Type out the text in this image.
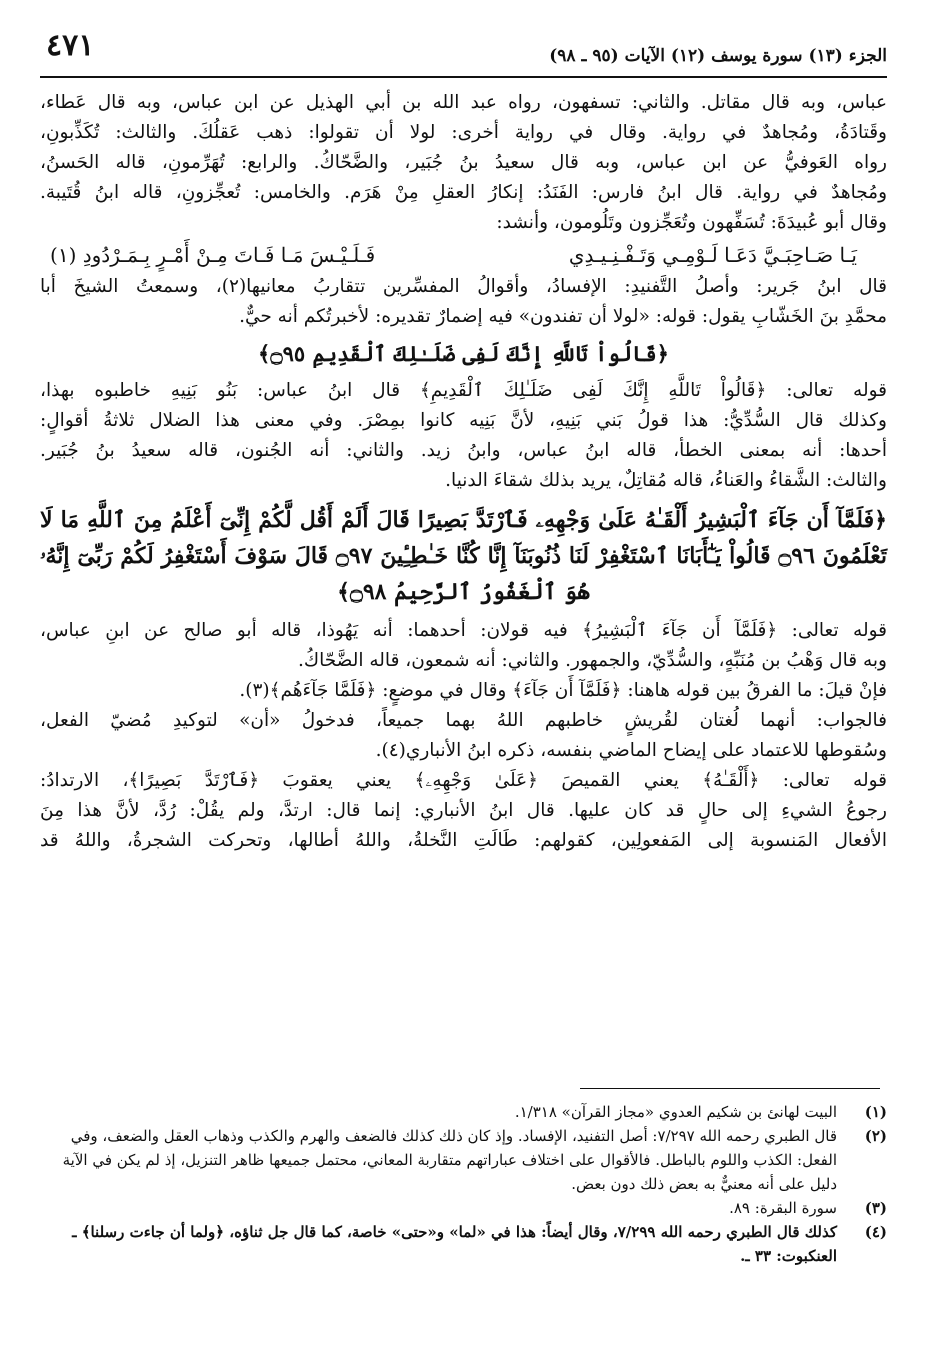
الجزء (١٣) سورة يوسف (١٢) الآيات (٩٥ ـ ٩٨)
٤٧١
عباس، وبه قال مقاتل. والثاني: تسفهون، رواه عبد الله بن أبي الهذيل عن ابن عباس، وبه قال عَطاء،
وقَتادَةُ، ومُجاهدٌ في رواية. وقال في رواية أخرى: لولا أن تقولوا: ذهب عَقلُكَ. والثالث: تُكَذِّبونِ،
رواه العَوفيُّ عن ابن عباس، وبه قال سعيدُ بنُ جُبَير، والضَّحّاكُ. والرابع: تُهَرِّمونِ، قاله الحَسنُ،
ومُجاهدٌ في رواية. قال ابنُ فارس: الفَنَدُ: إنكارُ العقلِ مِنْ هَرَم. والخامس: تُعجِّزونِ، قاله ابنُ قُتَيبة.
وقال أبو عُبيدَةَ: تُسَفِّهون وتُعَجِّزون وتَلُومون، وأنشد:
يَـا صَـاحِبَـيَّ دَعَـا لَـوْمِـي وَتَـفْـنِـيـدِي
فَـلَـيْـسَ مَـا فَـاتَ مِـنْ أَمْـرٍ بِـمَـرْدُودِ (١)
قال ابنُ جَرير: وأصلُ التَّفنيدِ: الإفسادُ، وأقوالُ المفسِّرين تتقاربُ معانيها(٢)، وسمعتُ الشيخَ أبا
محمَّدِ بنَ الخَشّابِ يقول: قوله: «لولا أن تفندون» فيه إضمارٌ تقديره: لأخبرتُكم أنه حيٌّ.
﴿قَالُواْ تَاللَّهِ إِنَّكَ لَفِى ضَلَـٰلِكَ ٱلْقَدِيمِ ۝٩٥﴾
قوله تعالى: ﴿قَالُواْ تَاللَّهِ إِنَّكَ لَفِى ضَلَـٰلِكَ ٱلْقَدِيمِ﴾ قال ابنُ عباس: بَنُو بَنِيهِ خاطبوه بهذا،
وكذلك قال السُّدِّيُّ: هذا قولُ بَني بَنِيهِ، لأنَّ بَنِيه كانوا بمِصْرَ. وفي معنى هذا الضلال ثلاثةُ أقوالٍ:
أحدها: أنه بمعنى الخطأ، قاله ابنُ عباس، وابنُ زيد. والثاني: أنه الجُنون، قاله سعيدُ بنُ جُبَير.
والثالث: الشَّقاءُ والعَناءُ، قاله مُقاتِلٌ، يريد بذلك شقاءَ الدنيا.
﴿فَلَمَّآ أَن جَآءَ ٱلْبَشِيرُ أَلْقَـٰهُ عَلَىٰ وَجْهِهِۦ فَٱرْتَدَّ بَصِيرًا قَالَ أَلَمْ أَقُل لَّكُمْ إِنِّىٓ أَعْلَمُ مِنَ ٱللَّهِ مَا لَا
تَعْلَمُونَ ۝٩٦ قَالُواْ يَـٰٓأَبَانَا ٱسْتَغْفِرْ لَنَا ذُنُوبَنَآ إِنَّا كُنَّا خَـٰطِـِٔينَ ۝٩٧ قَالَ سَوْفَ أَسْتَغْفِرُ لَكُمْ رَبِّىٓ إِنَّهُۥ
هُوَ ٱلْغَفُورُ ٱلرَّحِيمُ ۝٩٨﴾
قوله تعالى: ﴿فَلَمَّآ أَن جَآءَ ٱلْبَشِيرُ﴾ فيه قولان: أحدهما: أنه يَهُوذا، قاله أبو صالح عن ابنِ عباس،
وبه قال وَهْبُ بن مُنَبِّهٍ، والسُّدِّيّ، والجمهور. والثاني: أنه شمعون، قاله الضَّحّاكُ.
فإنْ قيلَ: ما الفرقُ بين قوله هاهنا: ﴿فَلَمَّآ أَن جَآءَ﴾ وقال في موضعٍ: ﴿فَلَمَّا جَآءَهُم﴾(٣).
فالجواب: أنهما لُغتان لقُريشٍ خاطبهم اللهُ بهما جميعاً، فدخولُ «أن» لتوكيدِ مُضيّ الفعل،
وسُقوطها للاعتماد على إيضاح الماضي بنفسه، ذكره ابنُ الأنباري(٤).
قوله تعالى: ﴿أَلْقَـٰهُ﴾ يعني القميصَ ﴿عَلَىٰ وَجْهِهِۦ﴾ يعني يعقوبَ ﴿فَٱرْتَدَّ بَصِيرًا﴾، الارتدادُ:
رجوعُ الشيءِ إلى حالٍ قد كان عليها. قال ابنُ الأنباري: إنما قال: ارتدَّ، ولم يقُلْ: رُدَّ، لأنَّ هذا مِنَ
الأفعال المَنسوبة إلى المَفعولِين، كقولهم: طَالَتِ النَّخلةُ، واللهُ أطالها، وتحركت الشجرةُ، واللهُ قد
(١)
البيت لهانئ بن شكيم العدوي «مجاز القرآن» ١/٣١٨.
(٢)
قال الطبري رحمه الله ٧/٢٩٧: أصل التفنيد، الإفساد. وإذ كان ذلك كذلك فالضعف والهرم والكذب وذهاب العقل والضعف، وفي الفعل: الكذب واللوم بالباطل. فالأقوال على اختلاف عباراتهم متقاربة المعاني، محتمل جميعها ظاهر التنزيل، إذ لم يكن في الآية دليل على أنه معنيٌّ به بعض ذلك دون بعض.
(٣)
سورة البقرة: ٨٩.
(٤)
كذلك قال الطبري رحمه الله ٧/٢٩٩، وقال أيضاً: هذا في «لما» و«حتى» خاصة، كما قال جل ثناؤه، ﴿ولما أن جاءت رسلنا﴾ ـ العنكبوت: ٣٣ ـ.
